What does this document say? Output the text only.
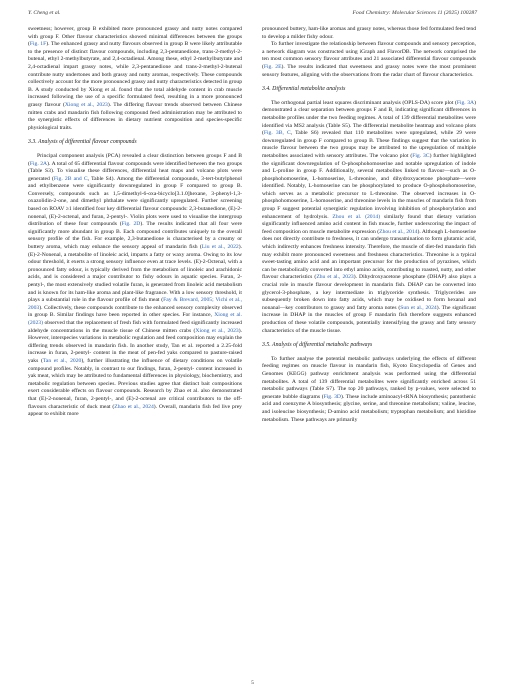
Y. Cheng et al.	Food Chemistry: Molecular Sciences 11 (2025) 100287

sweetness; however, group B exhibited more pronounced grassy and nutty notes compared with group F. Other flavour characteristics showed minimal differences between the groups (Fig. 1F). The enhanced grassy and nutty flavours observed in group B were likely attributable to the presence of distinct flavour compounds, including 2,3-pentanedione, trans-2-methyl-2-butenal, ethyl 2-methylbutyrate, and 2,4-octadienal. Among these, ethyl 2-methylbutyrate and 2,4-octadienal impart grassy notes, while 2,3-pentanedione and trans-2-methyl-2-butenal contribute nutty undertones and both grassy and nutty aromas, respectively. These compounds collectively account for the more pronounced grassy and nutty characteristics detected in group B. A study conducted by Xiong et al. found that the total aldehyde content in crab muscle increased following the use of a specific formulated feed, resulting in a more pronounced grassy flavour (Xiong et al., 2023). The differing flavour trends observed between Chinese mitten crabs and mandarin fish following compound feed administration may be attributed to the synergistic effects of differences in dietary nutrient composition and species-specific physiological traits.

3.3. Analysis of differential flavour compounds

Principal component analysis (PCA) revealed a clear distinction between groups F and B (Fig. 2A). A total of 65 differential flavour compounds were identified between the two groups (Table S3). To visualise these differences, differential heat maps and volcano plots were generated (Fig. 2B and C, Table S4). Among the differential compounds, 3-tert-butylphenol and ethylbenzene were significantly downregulated in group F compared to group B. Conversely, compounds such as 1,5-dimethyl-6-oxa-bicyclo[3.1.0]hexane, 3-phenyl-1,3-oxazolidin-2-one, and dimethyl phthalate were significantly upregulated. Further screening based on ROAV ≥1 identified four key differential flavour compounds: 2,3-butanedione, (E)-2-nonenal, (E)-2-octenal, and furan, 2-pentyl-. Violin plots were used to visualise the intergroup distribution of these four compounds (Fig. 2D). The results indicated that all four were significantly more abundant in group B. Each compound contributes uniquely to the overall sensory profile of the fish. For example, 2,3-butanedione is characterised by a creamy or buttery aroma, which may enhance the sensory appeal of mandarin fish (Liu et al., 2022). (E)-2-Nonenal, a metabolite of linoleic acid, imparts a fatty or waxy aroma. Owing to its low odour threshold, it exerts a strong sensory influence even at trace levels. (E)-2-Octenal, with a pronounced fatty odour, is typically derived from the metabolism of linoleic and arachidonic acids, and is considered a major contributor to fishy odours in aquatic species. Furan, 2-pentyl-, the most extensively studied volatile furan, is generated from linoleic acid metabolism and is known for its ham-like aroma and plant-like fragrance. With a low sensory threshold, it plays a substantial role in the flavour profile of fish meat (Fay & Brevard, 2005; Vichi et al., 2003). Collectively, these compounds contribute to the enhanced sensory complexity observed in group B. Similar findings have been reported in other species. For instance, Xiong et al. (2023) observed that the replacement of fresh fish with formulated feed significantly increased aldehyde concentrations in the muscle tissue of Chinese mitten crabs (Xiong et al., 2023). However, interspecies variations in metabolic regulation and feed composition may explain the differing trends observed in mandarin fish. In another study, Tan et al. reported a 2.25-fold increase in furan, 2-pentyl- content in the meat of pen-fed yaks compared to pasture-raised yaks (Tan et al., 2020), further illustrating the influence of dietary conditions on volatile compound profiles. Notably, in contrast to our findings, furan, 2-pentyl- content increased in yak meat, which may be attributed to fundamental differences in physiology, biochemistry, and metabolic regulation between species. Previous studies agree that distinct bait compositions exert considerable effects on flavour compounds. Research by Zhao et al. also demonstrated that (E)-2-nonenal, furan, 2-pentyl-, and (E)-2-octenal are critical contributors to the off-flavours characteristic of duck meat (Zhao et al., 2024). Overall, mandarin fish fed live prey appear to exhibit more

pronounced buttery, ham-like aromas and grassy notes, whereas those fed formulated feed tend to develop a milder fishy odour.

To further investigate the relationship between flavour compounds and sensory perception, a network diagram was constructed using iGraph and FlavorDB. The network comprised the ten most common sensory flavour attributes and 21 associated differential flavour compounds (Fig. 2E). The results indicated that sweetness and grassy notes were the most prominent sensory features, aligning with the observations from the radar chart of flavour characteristics.

3.4. Differential metabolite analysis

The orthogonal partial least squares discriminant analysis (OPLS-DA) score plot (Fig. 3A) demonstrated a clear separation between groups F and B, indicating significant differences in metabolite profiles under the two feeding regimes. A total of 139 differential metabolites were identified via MS2 analysis (Table S5). The differential metabolite heatmap and volcano plots (Fig. 3B, C, Table S6) revealed that 110 metabolites were upregulated, while 29 were downregulated in group F compared to group B. These findings suggest that the variation in muscle flavour between the two groups may be attributed to the upregulation of multiple metabolites associated with sensory attributes. The volcano plot (Fig. 3C) further highlighted the significant downregulation of O-phosphohomoserine and notable upregulation of indole and L-proline in group F. Additionally, several metabolites linked to flavour—such as O-phosphohomoserine, L-homoserine, L-threonine, and dihydroxyacetone phosphate—were identified. Notably, L-homoserine can be phosphorylated to produce O-phosphohomoserine, which serves as a metabolic precursor to L-threonine. The observed increases in O-phosphohomoserine, L-homoserine, and threonine levels in the muscles of mandarin fish from group F suggest potential synergistic regulation involving inhibition of phosphorylation and enhancement of hydrolysis. Zhou et al. (2014) similarly found that dietary variation significantly influenced amino acid content in fish muscle, further underscoring the impact of feed composition on muscle metabolite expression (Zhou et al., 2014). Although L-homoserine does not directly contribute to freshness, it can undergo transamination to form glutamic acid, which indirectly enhances freshness intensity. Therefore, the muscle of diet-fed mandarin fish may exhibit more pronounced sweetness and freshness characteristics. Threonine is a typical sweet-tasting amino acid and an important precursor for the production of pyrazines, which can be metabolically converted into ethyl amino acids, contributing to roasted, nutty, and other flavour characteristics (Zhu et al., 2023). Dihydroxyacetone phosphate (DHAP) also plays a crucial role in muscle flavour development in mandarin fish. DHAP can be converted into glycerol-3-phosphate, a key intermediate in triglyceride synthesis. Triglycerides are subsequently broken down into fatty acids, which may be oxidised to form hexanal and nonanal—key contributors to grassy and fatty aroma notes (Sun et al., 2024). The significant increase in DHAP in the muscles of group F mandarin fish therefore suggests enhanced production of these volatile compounds, potentially intensifying the grassy and fatty sensory characteristics of the muscle tissue.

3.5. Analysis of differential metabolic pathways

To further analyse the potential metabolic pathways underlying the effects of different feeding regimes on muscle flavour in mandarin fish, Kyoto Encyclopedia of Genes and Genomes (KEGG) pathway enrichment analysis was performed using the differential metabolites. A total of 139 differential metabolites were significantly enriched across 51 metabolic pathways (Table S7). The top 20 pathways, ranked by p-values, were selected to generate bubble diagrams (Fig. 3D). These include aminoacyl-tRNA biosynthesis; pantothenic acid and coenzyme A biosynthesis; glycine, serine, and threonine metabolism; valine, leucine, and isoleucine biosynthesis; D-amino acid metabolism; tryptophan metabolism; and histidine metabolism. These pathways are primarily

5
